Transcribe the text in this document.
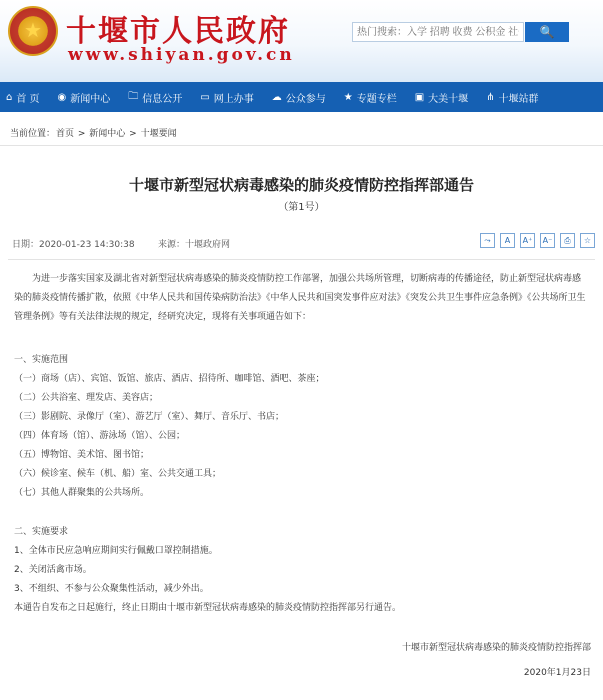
★
十堰市人民政府
www.shiyan.gov.cn
热门搜索：入学 招聘 收费 公积金 社保
🔍
⌂ 首 页 ◉ 新闻中心 🗀 信息公开 ▭ 网上办事 ☁ 公众参与 ★ 专题专栏 ▣ 大美十堰 ⋔ 十堰站群
当前位置：首页 > 新闻中心 > 十堰要闻
十堰市新型冠状病毒感染的肺炎疫情防控指挥部通告
（第1号）
日期：2020-01-23 14:30:38	来源：十堰政府网	⤳	A	A⁺	A⁻	⎙	☆

为进一步落实国家及湖北省对新型冠状病毒感染的肺炎疫情防控工作部署，加强公共场所管理，切断病毒的传播途径，防止新型冠状病毒感染的肺炎疫情传播扩散，依照《中华人民共和国传染病防治法》《中华人民共和国突发事件应对法》《突发公共卫生事件应急条例》《公共场所卫生管理条例》等有关法律法规的规定，经研究决定，现将有关事项通告如下：

一、实施范围

（一）商场（店）、宾馆、饭馆、旅店、酒店、招待所、咖啡馆、酒吧、茶座；

（二）公共浴室、理发店、美容店；

（三）影剧院、录像厅（室）、游艺厅（室）、舞厅、音乐厅、书店；

（四）体育场（馆）、游泳场（馆）、公园；

（五）博物馆、美术馆、图书馆；

（六）候诊室、候车（机、船）室、公共交通工具；

（七）其他人群聚集的公共场所。

二、实施要求

1、全体市民应急响应期间实行佩戴口罩控制措施。

2、关闭活禽市场。

3、不组织、不参与公众聚集性活动，减少外出。

本通告自发布之日起施行，终止日期由十堰市新型冠状病毒感染的肺炎疫情防控指挥部另行通告。

十堰市新型冠状病毒感染的肺炎疫情防控指挥部
2020年1月23日
